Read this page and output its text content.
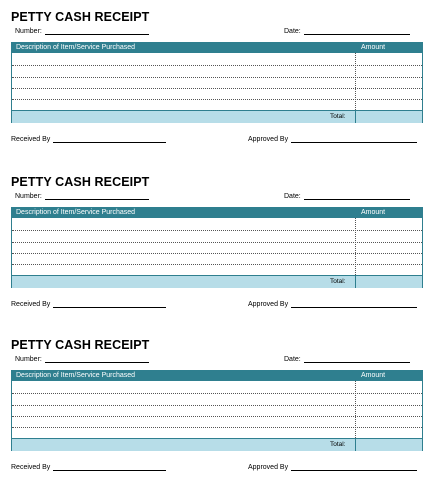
PETTY CASH RECEIPT
Number:	Date:
Description of Item/Service Purchased	Amount
Total:
Received By	Approved By
PETTY CASH RECEIPT
Number:	Date:
Description of Item/Service Purchased	Amount
Total:
Received By	Approved By
PETTY CASH RECEIPT
Number:	Date:
Description of Item/Service Purchased	Amount
Total:
Received By	Approved By
